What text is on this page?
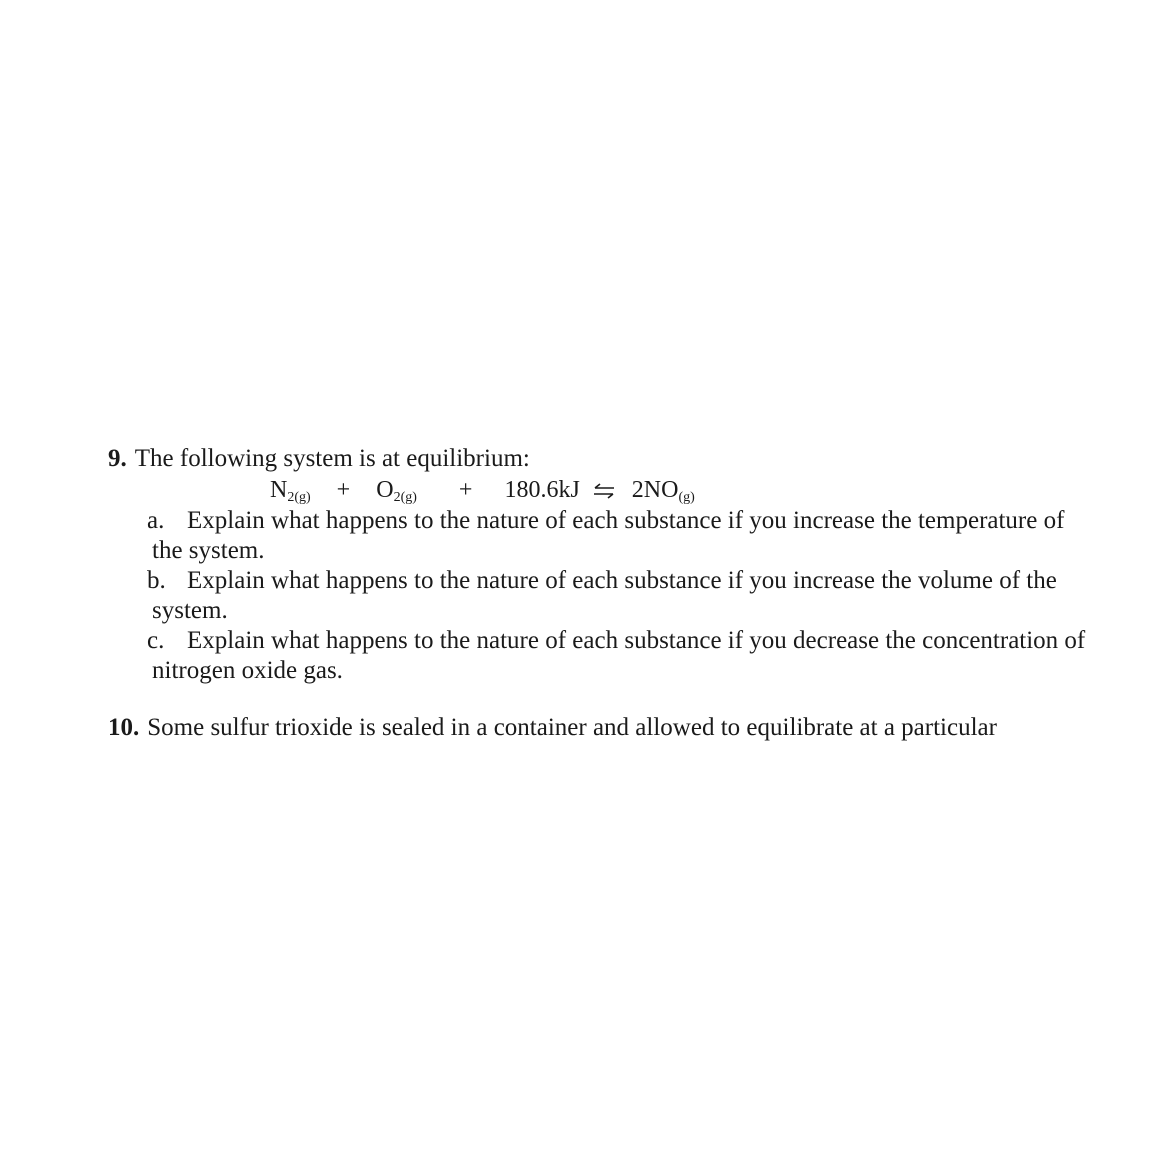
9. The following system is at equilibrium:
$N_{2(g)} + O_{2(g)} + 180.6kJ$ ⇌ $2NO_{(g)}$
a. Explain what happens to the nature of each substance if you increase the temperature of
the system.
b. Explain what happens to the nature of each substance if you increase the volume of the
system.
c. Explain what happens to the nature of each substance if you decrease the concentration of
nitrogen oxide gas.
10. Some sulfur trioxide is sealed in a container and allowed to equilibrate at a particular
